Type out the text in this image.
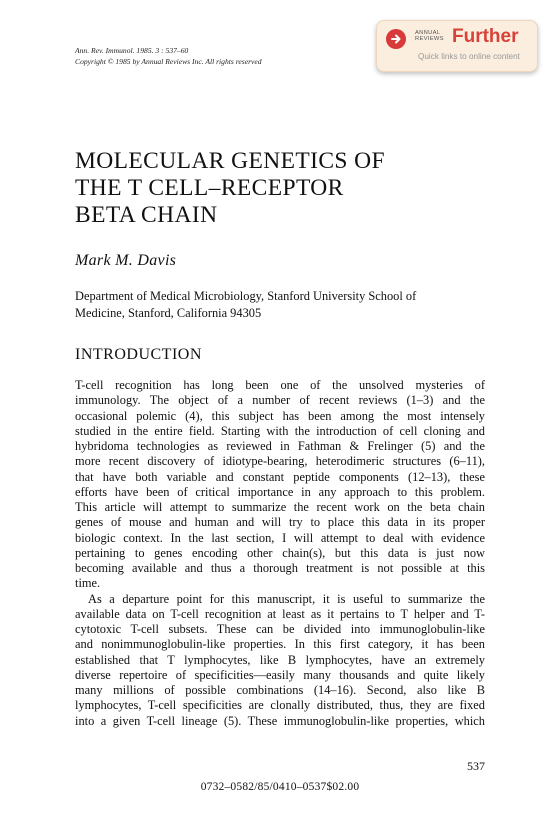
Ann. Rev. Immunol. 1985. 3 : 537–60
Copyright © 1985 by Annual Reviews Inc. All rights reserved
ANNUAL
REVIEWS Further
Quick links to online content
MOLECULAR GENETICS OF
THE T CELL–RECEPTOR
BETA CHAIN
Mark M. Davis
Department of Medical Microbiology, Stanford University School of
Medicine, Stanford, California 94305
INTRODUCTION
T-cell recognition has long been one of the unsolved mysteries of
immunology. The object of a number of recent reviews (1–3) and the
occasional polemic (4), this subject has been among the most intensely
studied in the entire field. Starting with the introduction of cell cloning and
hybridoma technologies as reviewed in Fathman & Frelinger (5) and the
more recent discovery of idiotype-bearing, heterodimeric structures (6–11),
that have both variable and constant peptide components (12–13), these
efforts have been of critical importance in any approach to this problem.
This article will attempt to summarize the recent work on the beta chain
genes of mouse and human and will try to place this data in its proper
biologic context. In the last section, I will attempt to deal with evidence
pertaining to genes encoding other chain(s), but this data is just now
becoming available and thus a thorough treatment is not possible at this
time.
As a departure point for this manuscript, it is useful to summarize the
available data on T-cell recognition at least as it pertains to T helper and T-
cytotoxic T-cell subsets. These can be divided into immunoglobulin-like
and nonimmunoglobulin-like properties. In this first category, it has been
established that T lymphocytes, like B lymphocytes, have an extremely
diverse repertoire of specificities—easily many thousands and quite likely
many millions of possible combinations (14–16). Second, also like B
lymphocytes, T-cell specificities are clonally distributed, thus, they are fixed
into a given T-cell lineage (5). These immunoglobulin-like properties, which
537
0732–0582/85/0410–0537$02.00
